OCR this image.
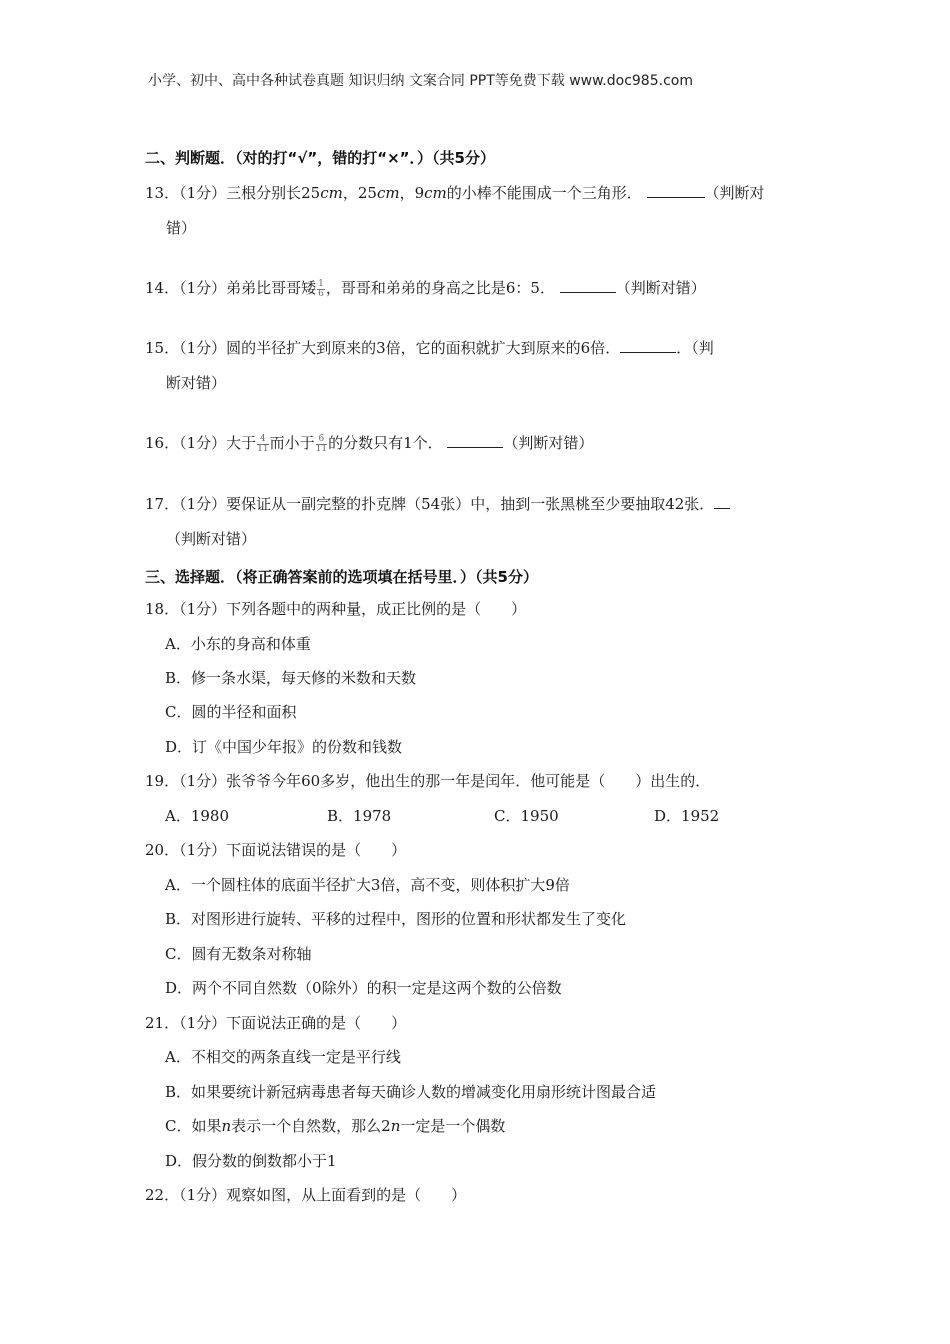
小学、初中、高中各种试卷真题 知识归纳 文案合同 PPT等免费下载 www.doc985.com
二、判断题．（对的打“√”，错的打“×”．）（共5分）
13．（1分）三根分别长25cm，25cm，9cm的小棒不能围成一个三角形．	（判断对
错）
14．（1分）弟弟比哥哥矮 $\frac{1}{6}$ ，哥哥和弟弟的身高之比是6：5．	（判断对错）
15．（1分）圆的半径扩大到原来的3倍，它的面积就扩大到原来的6倍．	．（判
断对错）
16．（1分）大于 $\frac{4}{11}$ 而小于 $\frac{6}{11}$ 的分数只有1个．	（判断对错）
17．（1分）要保证从一副完整的扑克牌（54张）中，抽到一张黑桃至少要抽取42张．
（判断对错）
三、选择题．（将正确答案前的选项填在括号里．）（共5分）
18．（1分）下列各题中的两种量，成正比例的是（　　）
A．小东的身高和体重
B．修一条水渠，每天修的米数和天数
C．圆的半径和面积
D．订《中国少年报》的份数和钱数
19．（1分）张爷爷今年60多岁，他出生的那一年是闰年．他可能是（　　）出生的．
A．1980	B．1978	C．1950	D．1952
20．（1分）下面说法错误的是（　　）
A．一个圆柱体的底面半径扩大3倍，高不变，则体积扩大9倍
B．对图形进行旋转、平移的过程中，图形的位置和形状都发生了变化
C．圆有无数条对称轴
D．两个不同自然数（0除外）的积一定是这两个数的公倍数
21．（1分）下面说法正确的是（　　）
A．不相交的两条直线一定是平行线
B．如果要统计新冠病毒患者每天确诊人数的增减变化用扇形统计图最合适
C．如果n表示一个自然数，那么2n一定是一个偶数
D．假分数的倒数都小于1
22．（1分）观察如图，从上面看到的是（　　）
